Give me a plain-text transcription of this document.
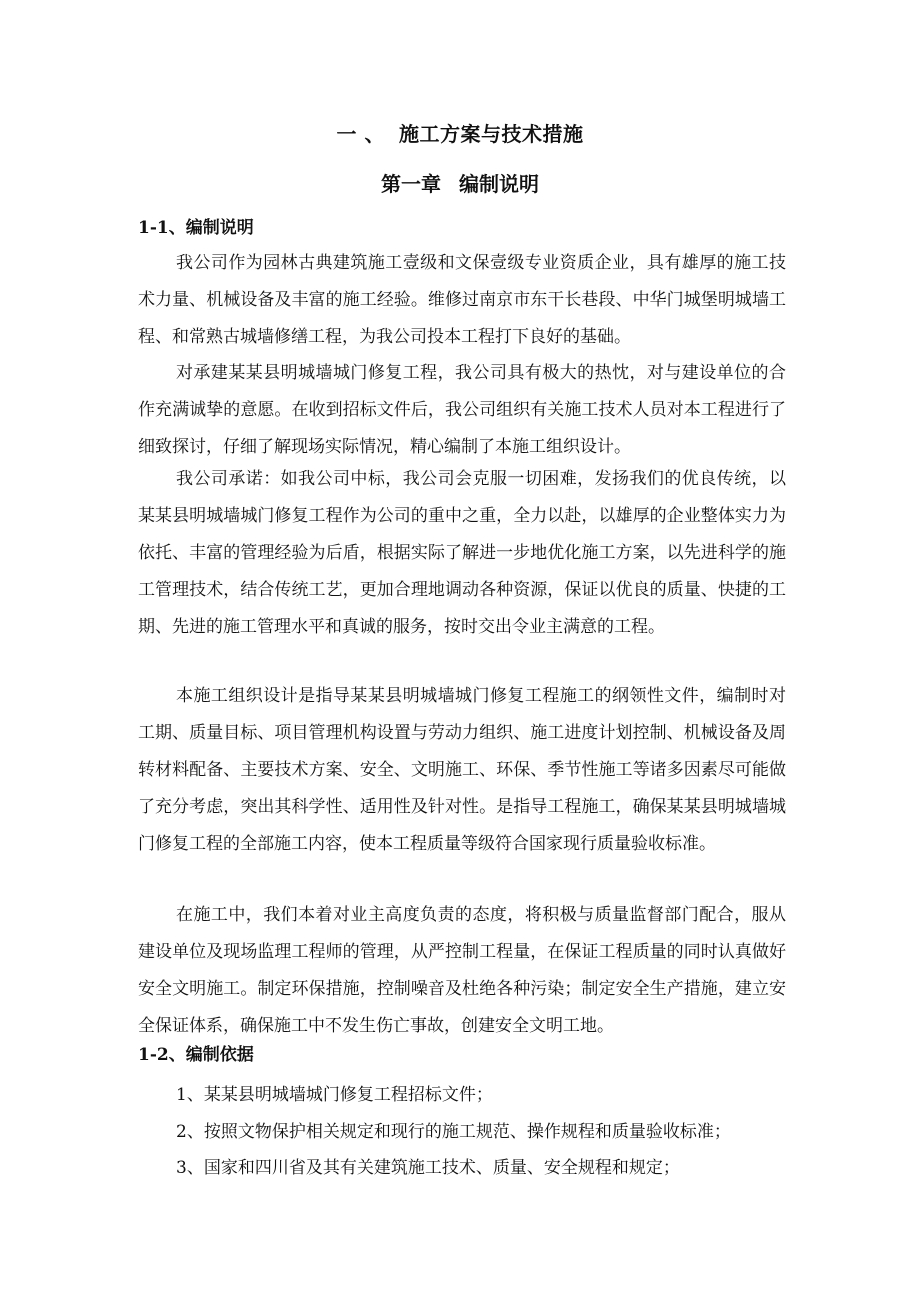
一 、 施工方案与技术措施
第一章 编制说明
1-1、编制说明

我公司作为园林古典建筑施工壹级和文保壹级专业资质企业，具有雄厚的施工技术力量、机械设备及丰富的施工经验。维修过南京市东干长巷段、中华门城堡明城墙工程、和常熟古城墙修缮工程，为我公司投本工程打下良好的基础。

对承建某某县明城墙城门修复工程，我公司具有极大的热忱，对与建设单位的合作充满诚挚的意愿。在收到招标文件后，我公司组织有关施工技术人员对本工程进行了细致探讨，仔细了解现场实际情况，精心编制了本施工组织设计。

我公司承诺：如我公司中标，我公司会克服一切困难，发扬我们的优良传统，以某某县明城墙城门修复工程作为公司的重中之重，全力以赴，以雄厚的企业整体实力为依托、丰富的管理经验为后盾，根据实际了解进一步地优化施工方案，以先进科学的施工管理技术，结合传统工艺，更加合理地调动各种资源，保证以优良的质量、快捷的工期、先进的施工管理水平和真诚的服务，按时交出令业主满意的工程。

本施工组织设计是指导某某县明城墙城门修复工程施工的纲领性文件，编制时对工期、质量目标、项目管理机构设置与劳动力组织、施工进度计划控制、机械设备及周转材料配备、主要技术方案、安全、文明施工、环保、季节性施工等诸多因素尽可能做了充分考虑，突出其科学性、适用性及针对性。是指导工程施工，确保某某县明城墙城门修复工程的全部施工内容，使本工程质量等级符合国家现行质量验收标准。

在施工中，我们本着对业主高度负责的态度，将积极与质量监督部门配合，服从建设单位及现场监理工程师的管理，从严控制工程量，在保证工程质量的同时认真做好安全文明施工。制定环保措施，控制噪音及杜绝各种污染；制定安全生产措施，建立安全保证体系，确保施工中不发生伤亡事故，创建安全文明工地。

1-2、编制依据
1、某某县明城墙城门修复工程招标文件；
2、按照文物保护相关规定和现行的施工规范、操作规程和质量验收标准；
3、国家和四川省及其有关建筑施工技术、质量、安全规程和规定；
